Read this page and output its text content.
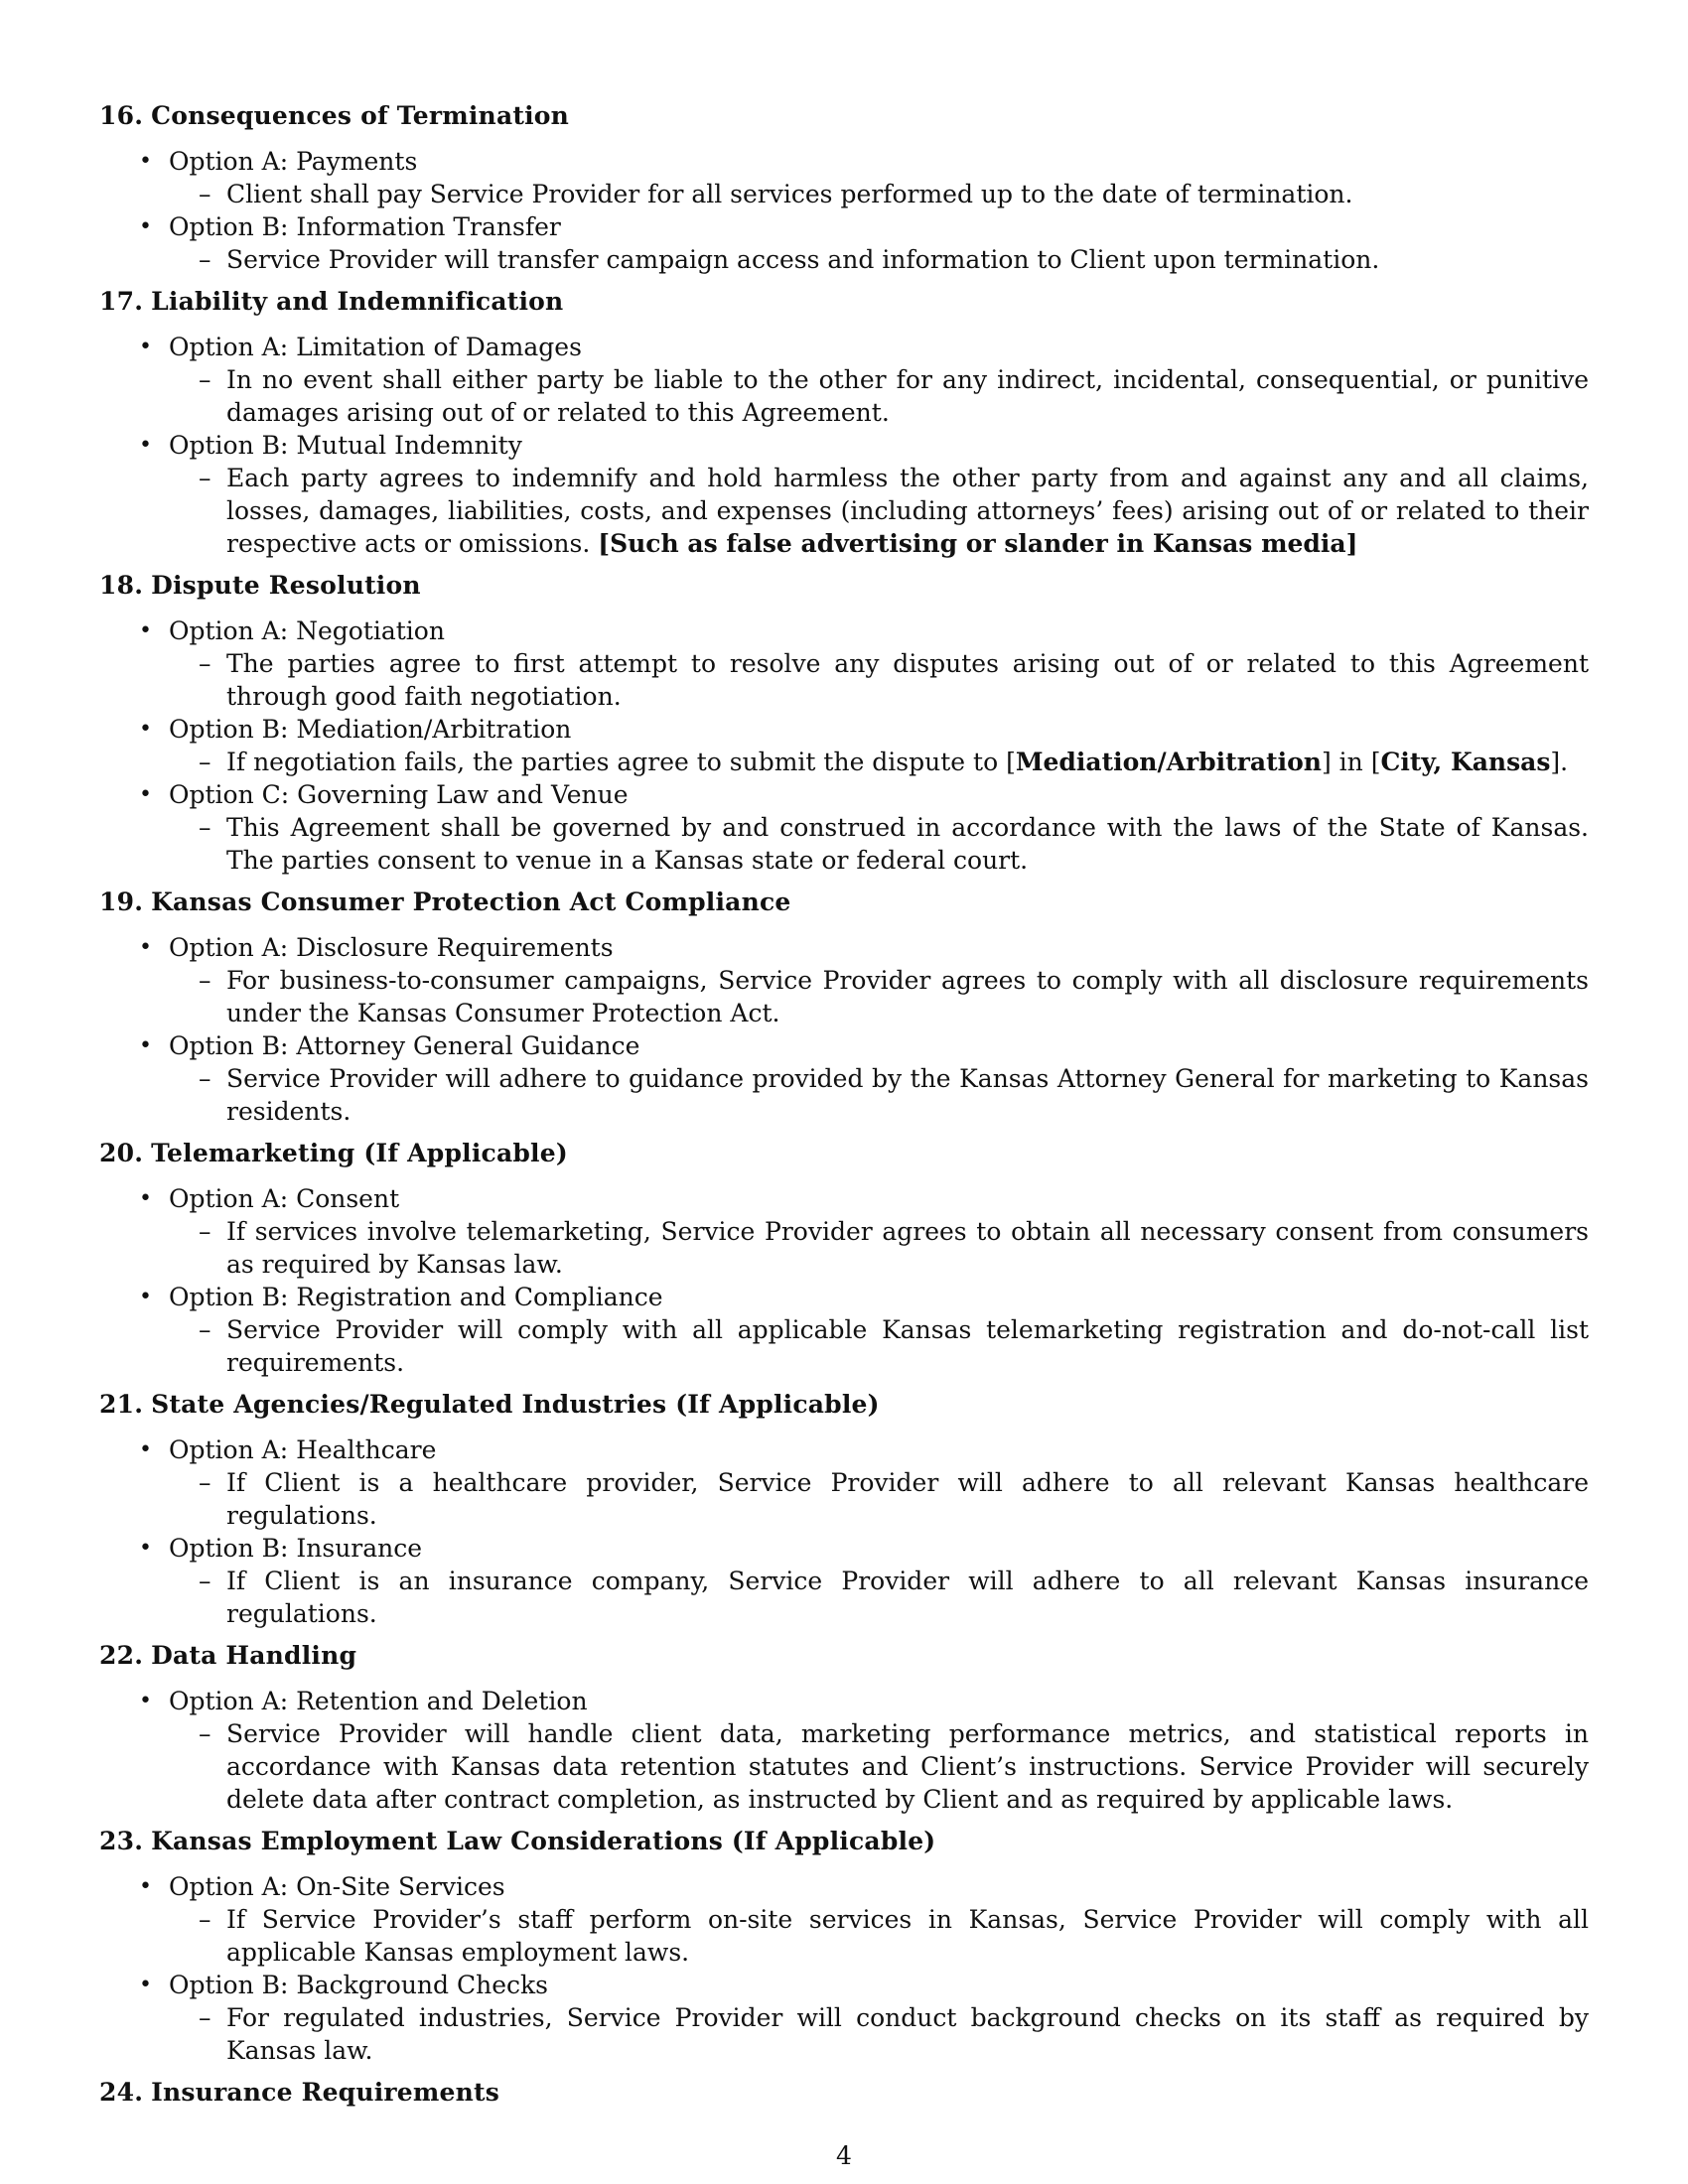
16. Consequences of Termination
• Option A: Payments
– Client shall pay Service Provider for all services performed up to the date of termination.
• Option B: Information Transfer
– Service Provider will transfer campaign access and information to Client upon termination.
17. Liability and Indemnification
• Option A: Limitation of Damages
– In no event shall either party be liable to the other for any indirect, incidental, consequential, or punitive damages arising out of or related to this Agreement.
• Option B: Mutual Indemnity
– Each party agrees to indemnify and hold harmless the other party from and against any and all claims, losses, damages, liabilities, costs, and expenses (including attorneys’ fees) arising out of or related to their respective acts or omissions. [Such as false advertising or slander in Kansas media]
18. Dispute Resolution
• Option A: Negotiation
– The parties agree to first attempt to resolve any disputes arising out of or related to this Agreement through good faith negotiation.
• Option B: Mediation/Arbitration
– If negotiation fails, the parties agree to submit the dispute to [Mediation/Arbitration] in [City, Kansas].
• Option C: Governing Law and Venue
– This Agreement shall be governed by and construed in accordance with the laws of the State of Kansas. The parties consent to venue in a Kansas state or federal court.
19. Kansas Consumer Protection Act Compliance
• Option A: Disclosure Requirements
– For business-to-consumer campaigns, Service Provider agrees to comply with all disclosure requirements under the Kansas Consumer Protection Act.
• Option B: Attorney General Guidance
– Service Provider will adhere to guidance provided by the Kansas Attorney General for marketing to Kansas residents.
20. Telemarketing (If Applicable)
• Option A: Consent
– If services involve telemarketing, Service Provider agrees to obtain all necessary consent from consumers as required by Kansas law.
• Option B: Registration and Compliance
– Service Provider will comply with all applicable Kansas telemarketing registration and do-not-call list requirements.
21. State Agencies/Regulated Industries (If Applicable)
• Option A: Healthcare
– If Client is a healthcare provider, Service Provider will adhere to all relevant Kansas healthcare regulations.
• Option B: Insurance
– If Client is an insurance company, Service Provider will adhere to all relevant Kansas insurance regulations.
22. Data Handling
• Option A: Retention and Deletion
– Service Provider will handle client data, marketing performance metrics, and statistical reports in accordance with Kansas data retention statutes and Client’s instructions. Service Provider will securely delete data after contract completion, as instructed by Client and as required by applicable laws.
23. Kansas Employment Law Considerations (If Applicable)
• Option A: On-Site Services
– If Service Provider’s staff perform on-site services in Kansas, Service Provider will comply with all applicable Kansas employment laws.
• Option B: Background Checks
– For regulated industries, Service Provider will conduct background checks on its staff as required by Kansas law.
24. Insurance Requirements
4
